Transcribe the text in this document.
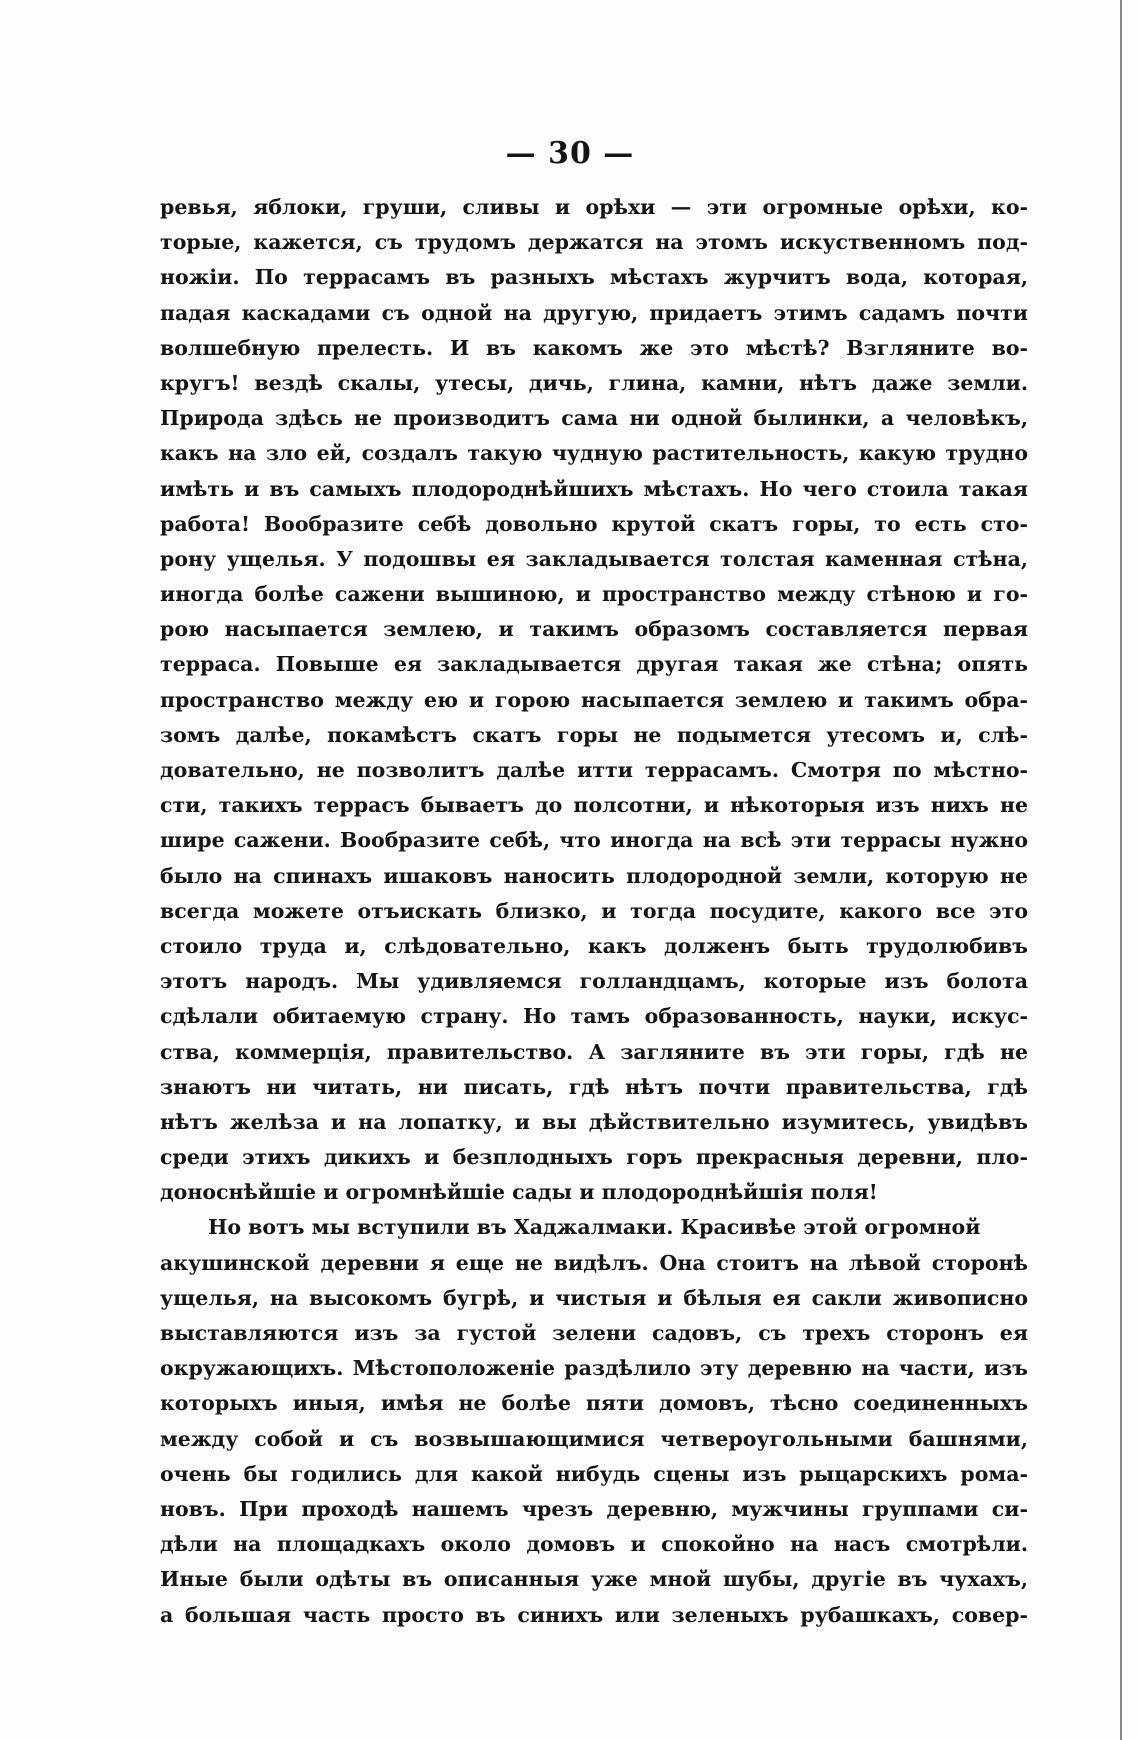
— 30 —
ревья, яблоки, груши, сливы и орѣхи — эти огромные орѣхи, ко-
торые, кажется, съ трудомъ держатся на этомъ искуственномъ под-
ножіи. По террасамъ въ разныхъ мѣстахъ журчитъ вода, которая,
падая каскадами съ одной на другую, придаетъ этимъ садамъ почти
волшебную прелесть. И въ какомъ же это мѣстѣ? Взгляните во-
кругъ! вездѣ скалы, утесы, дичь, глина, камни, нѣтъ даже земли.
Природа здѣсь не производитъ сама ни одной былинки, а человѣкъ,
какъ на зло ей, создалъ такую чудную растительность, какую трудно
имѣть и въ самыхъ плодороднѣйшихъ мѣстахъ. Но чего стоила такая
работа! Вообразите себѣ довольно крутой скатъ горы, то есть сто-
рону ущелья. У подошвы ея закладывается толстая каменная стѣна,
иногда болѣе сажени вышиною, и пространство между стѣною и го-
рою насыпается землею, и такимъ образомъ составляется первая
терраса. Повыше ея закладывается другая такая же стѣна; опять
пространство между ею и горою насыпается землею и такимъ обра-
зомъ далѣе, покамѣстъ скатъ горы не подымется утесомъ и, слѣ-
довательно, не позволитъ далѣе итти террасамъ. Смотря по мѣстно-
сти, такихъ террасъ бываетъ до полсотни, и нѣкоторыя изъ нихъ не
шире сажени. Вообразите себѣ, что иногда на всѣ эти террасы нужно
было на спинахъ ишаковъ наносить плодородной земли, которую не
всегда можете отъискать близко, и тогда посудите, какого все это
стоило труда и, слѣдовательно, какъ долженъ быть трудолюбивъ
этотъ народъ. Мы удивляемся голландцамъ, которые изъ болота
сдѣлали обитаемую страну. Но тамъ образованность, науки, искус-
ства, коммерція, правительство. А загляните въ эти горы, гдѣ не
знаютъ ни читать, ни писать, гдѣ нѣтъ почти правительства, гдѣ
нѣтъ желѣза и на лопатку, и вы дѣйствительно изумитесь, увидѣвъ
среди этихъ дикихъ и безплодныхъ горъ прекрасныя деревни, пло-
доноснѣйшіе и огромнѣйшіе сады и плодороднѣйшія поля!
Но вотъ мы вступили въ Хаджалмаки. Красивѣе этой огромной
акушинской деревни я еще не видѣлъ. Она стоитъ на лѣвой сторонѣ
ущелья, на высокомъ бугрѣ, и чистыя и бѣлыя ея сакли живописно
выставляются изъ за густой зелени садовъ, съ трехъ сторонъ ея
окружающихъ. Мѣстоположеніе раздѣлило эту деревню на части, изъ
которыхъ иныя, имѣя не болѣе пяти домовъ, тѣсно соединенныхъ
между собой и съ возвышающимися четвероугольными башнями,
очень бы годились для какой нибудь сцены изъ рыцарскихъ рома-
новъ. При проходѣ нашемъ чрезъ деревню, мужчины группами си-
дѣли на площадкахъ около домовъ и спокойно на насъ смотрѣли.
Иные были одѣты въ описанныя уже мной шубы, другіе въ чухахъ,
а большая часть просто въ синихъ или зеленыхъ рубашкахъ, совер-
